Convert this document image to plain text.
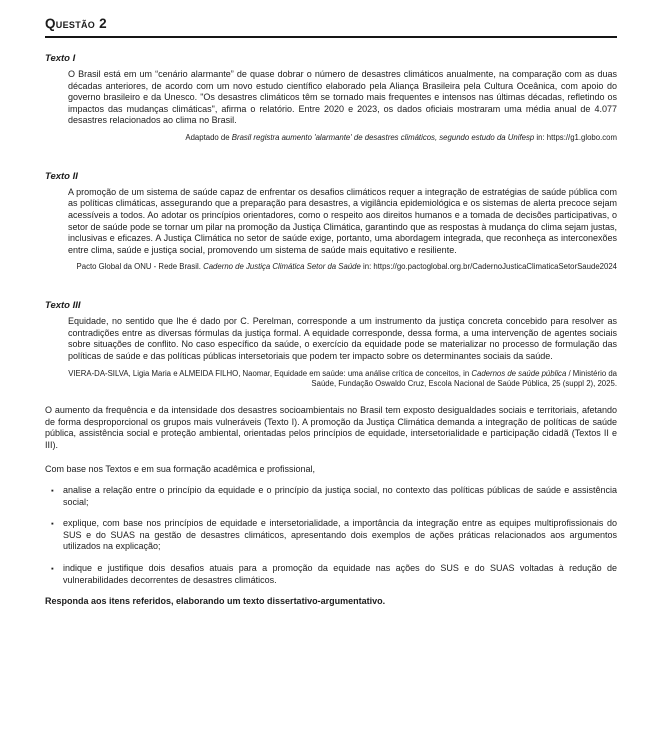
Questão 2
Texto I
O Brasil está em um “cenário alarmante” de quase dobrar o número de desastres climáticos anualmente, na comparação com as duas décadas anteriores, de acordo com um novo estudo científico elaborado pela Aliança Brasileira pela Cultura Oceânica, com apoio do governo brasileiro e da Unesco. "Os desastres climáticos têm se tornado mais frequentes e intensos nas últimas décadas, refletindo os impactos das mudanças climáticas", afirma o relatório. Entre 2020 e 2023, os dados oficiais mostraram uma média anual de 4.077 desastres relacionados ao clima no Brasil.
Adaptado de Brasil registra aumento 'alarmante' de desastres climáticos, segundo estudo da Unifesp in: https://g1.globo.com
Texto II
A promoção de um sistema de saúde capaz de enfrentar os desafios climáticos requer a integração de estratégias de saúde pública com as políticas climáticas, assegurando que a preparação para desastres, a vigilância epidemiológica e os sistemas de alerta precoce sejam acessíveis a todos. Ao adotar os princípios orientadores, como o respeito aos direitos humanos e a tomada de decisões participativas, o setor de saúde pode se tornar um pilar na promoção da Justiça Climática, garantindo que as respostas à mudança do clima sejam justas, inclusivas e eficazes. A Justiça Climática no setor de saúde exige, portanto, uma abordagem integrada, que reconheça as interconexões entre clima, saúde e justiça social, promovendo um sistema de saúde mais equitativo e resiliente.
Pacto Global da ONU - Rede Brasil. Caderno de Justiça Climática Setor da Saúde in: https://go.pactoglobal.org.br/CadernoJusticaClimaticaSetorSaude2024
Texto III
Equidade, no sentido que lhe é dado por C. Perelman, corresponde a um instrumento da justiça concreta concebido para resolver as contradições entre as diversas fórmulas da justiça formal. A equidade corresponde, dessa forma, a uma intervenção de agentes sociais sobre situações de conflito. No caso específico da saúde, o exercício da equidade pode se materializar no processo de formulação das políticas de saúde e das políticas públicas intersetoriais que podem ter impacto sobre os determinantes sociais da saúde.
VIERA-DA-SILVA, Ligia Maria e ALMEIDA FILHO, Naomar, Equidade em saúde: uma análise crítica de conceitos, in Cadernos de saúde pública / Ministério da Saúde, Fundação Oswaldo Cruz, Escola Nacional de Saúde Pública, 25 (suppl 2), 2025.
O aumento da frequência e da intensidade dos desastres socioambientais no Brasil tem exposto desigualdades sociais e territoriais, afetando de forma desproporcional os grupos mais vulneráveis (Texto I). A promoção da Justiça Climática demanda a integração de políticas de saúde pública, assistência social e proteção ambiental, orientadas pelos princípios de equidade, intersetorialidade e participação cidadã (Textos II e III).
Com base nos Textos e em sua formação acadêmica e profissional,
▪ analise a relação entre o princípio da equidade e o princípio da justiça social, no contexto das políticas públicas de saúde e assistência social;
▪ explique, com base nos princípios de equidade e intersetorialidade, a importância da integração entre as equipes multiprofissionais do SUS e do SUAS na gestão de desastres climáticos, apresentando dois exemplos de ações práticas relacionados aos argumentos utilizados na explicação;
▪ indique e justifique dois desafios atuais para a promoção da equidade nas ações do SUS e do SUAS voltadas à redução de vulnerabilidades decorrentes de desastres climáticos.
Responda aos itens referidos, elaborando um texto dissertativo-argumentativo.
